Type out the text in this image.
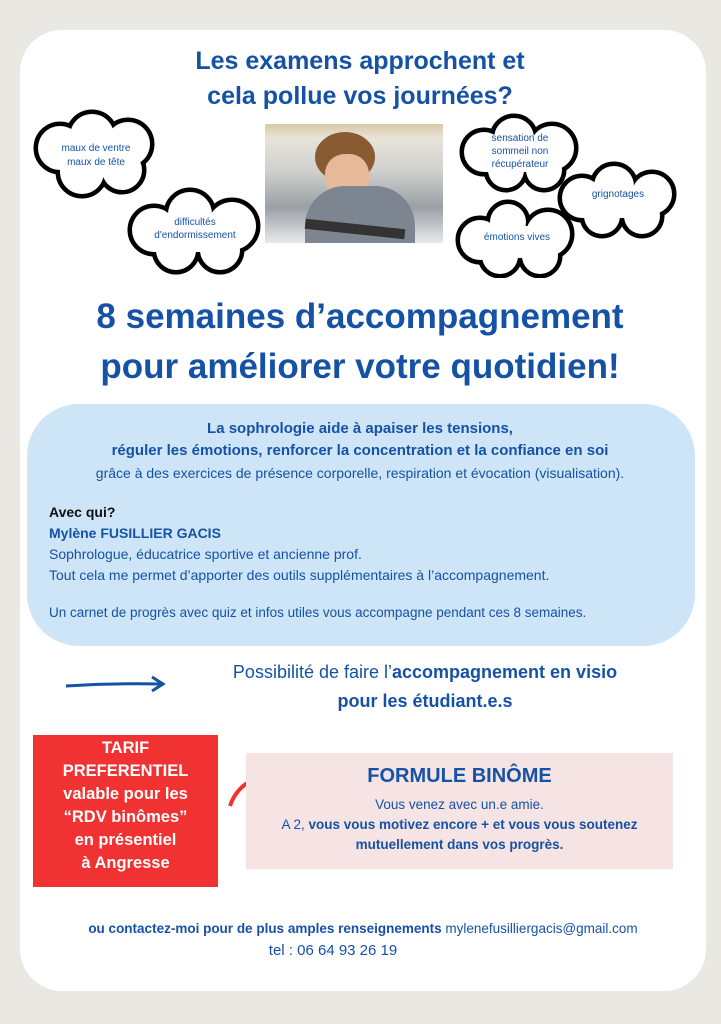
Les examens approchent et
cela pollue vos journées?
maux de ventre
maux de tête
difficultés
d'endormissement
sensation de
sommeil non
récupérateur
grignotages
émotions vives
8 semaines d’accompagnement
pour améliorer votre quotidien!
La sophrologie aide à apaiser les tensions,
réguler les émotions, renforcer la concentration et la confiance en soi
grâce à des exercices de présence corporelle, respiration et évocation (visualisation).
Avec qui?
Mylène FUSILLIER GACIS
Sophrologue, éducatrice sportive et ancienne prof.
Tout cela me permet d’apporter des outils supplémentaires à l’accompagnement.
Un carnet de progrès avec quiz et infos utiles vous accompagne pendant ces 8 semaines.
Possibilité de faire l’accompagnement en visio
pour les étudiant.e.s
TARIF
PREFERENTIEL
valable pour les
“RDV binômes”
en présentiel
à Angresse
FORMULE BINÔME
Vous venez avec un.e amie.
A 2, vous vous motivez encore + et vous vous soutenez
mutuellement dans vos progrès.
ou contactez-moi pour de plus amples renseignements mylenefusilliergacis@gmail.com
tel : 06 64 93 26 19
